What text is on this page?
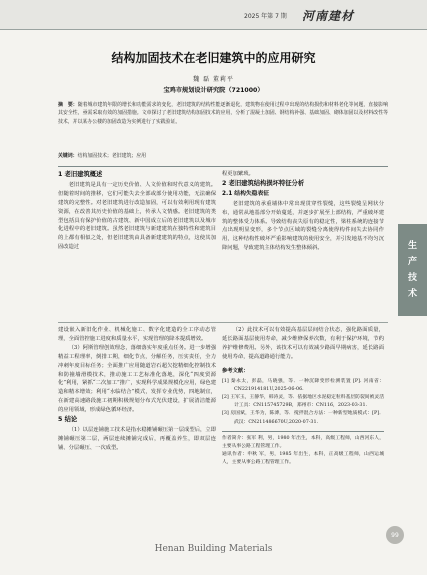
2025 年第 7 期 河南建材
结构加固技术在老旧建筑中的应用研究
魏 磊 董莉平
宝鸡市规划设计研究院（721000）
摘　要：随着城市建筑年限的增长和功能需求的变化，老旧建筑的结构性能逐渐退化，建筑物在使用过程中出现的结构损伤和材料老化等问题，直接影响其安全性，亟需采取有效的加固措施。文章探讨了老旧建筑结构加固技术的应用，分析了混凝土加固、钢结构补强、基础加固、砌体加固以及材料改性等技术，并以某办公楼的加固改造为实例进行了实践验证。
关键词：结构加固技术；老旧建筑；应用
1 老旧建筑概述

老旧建筑是具有一定历史价值、人文价值和时代意义的建筑。但随着时间的推移，它们可能失去全部或部分使用功能，无法确保建筑的完整性。对老旧建筑进行改造加固，可以有效利用现有建筑资源，在改善其历史价值的基础上，传承人文情感。老旧建筑的类型包括具有保护价值的古建筑、新中国成立后的老旧建筑以及城市化进程中的老旧建筑。虽然老旧建筑与新建建筑在独特性和建筑目的上都有相似之处，但老旧建筑由具备新建建筑的特点，这使其加固改造过

程更加繁琐。

2 老旧建筑结构损坏特征分析
2.1 结构失稳表征

老旧建筑的承重墙体中常出现贯穿性裂缝，这些裂缝呈网状分布，通常从地基部分开始蔓延，并逐步扩展至上部结构，严重破坏建筑的整体受力体系。导致结构丧失原有的稳定性，梁柱系统的连接节点出现明显变形，多个节点区域的裂缝分离使得构件间失去协同作用，这种结构性破坏严重影响建筑的使用安全，并引发地基不均匀沉降问题，导致建筑主体结构发生整体倾斜。	生
产
技
术

建设嵌入新旧化作业、机械化施工、数字化建造的全工序动态管理，全面管控施工进度和质量水平，实现管理的降本提质增效。

（3）阿斯管理创效理念，落细落实年度重点任务。进一步增强精益工程理率，倒排工期，细化节点，分解任务，压实责任，全力冲刺年度目标任务；全面推广应用随道岩石超欠挖精细化控制技术和防撞墙滑模技术，推动施工工艺标准化落地，深化“四度贸源化”利用，紧抓“二次加工”推广，实现科学成果规模化应用，绿色建造和精本增效；利用“水临结合”模式，发挥专业优势，四地制宜，在新建高速路段施工初期积极规划分布式光伏建设，扩展清洁能源的应用领域，形成绿色循环经济。

5 结论

（1）以层连铺施工技术是指水稳摊铺碾压第一层成型后，立即摊铺碾压第二层，两层连续摊铺完成后，再覆盖养生，即双层连铺、分层碾压、一次成型。

（2）此技术可以有效提高基层层间结合状态，强化路面质量，延长路面基层使用寿命，减少维修保养次数，有利于保护环境，节约养护维修费用。另外，该技术可以有效减少路面早期病害，延长路面使用寿命，提高道路通行能力。

参考文献：
[1] 秦永太，彭磊，马晓强，等．一种沉降变形检测装置 [P]. 河南省：CN221914181U,2025-06-06.
[2] 王军玉，王静华，韩涛灵，等．依据地区水泥稳定粒料基层防裂间被灵活计工具：CN115745729B，郑州市：CN116，2023-03-31.
[3] 房国斌，王华为，陈溥，等．搅拌混合方法：一种新型地质模式：[P]．武汉：CN211486670U,2020-07-31.
作者简介：张军 利，男，1980 年出生，本科，高级工程师，山西河东人，主要从事公路工程管理工作。
通讯作者：申秋 军，男，1985 年出生，本科，正高级工程师，山西运城人，主要从事公路工程管理工作。
99
Henan Building Materials
